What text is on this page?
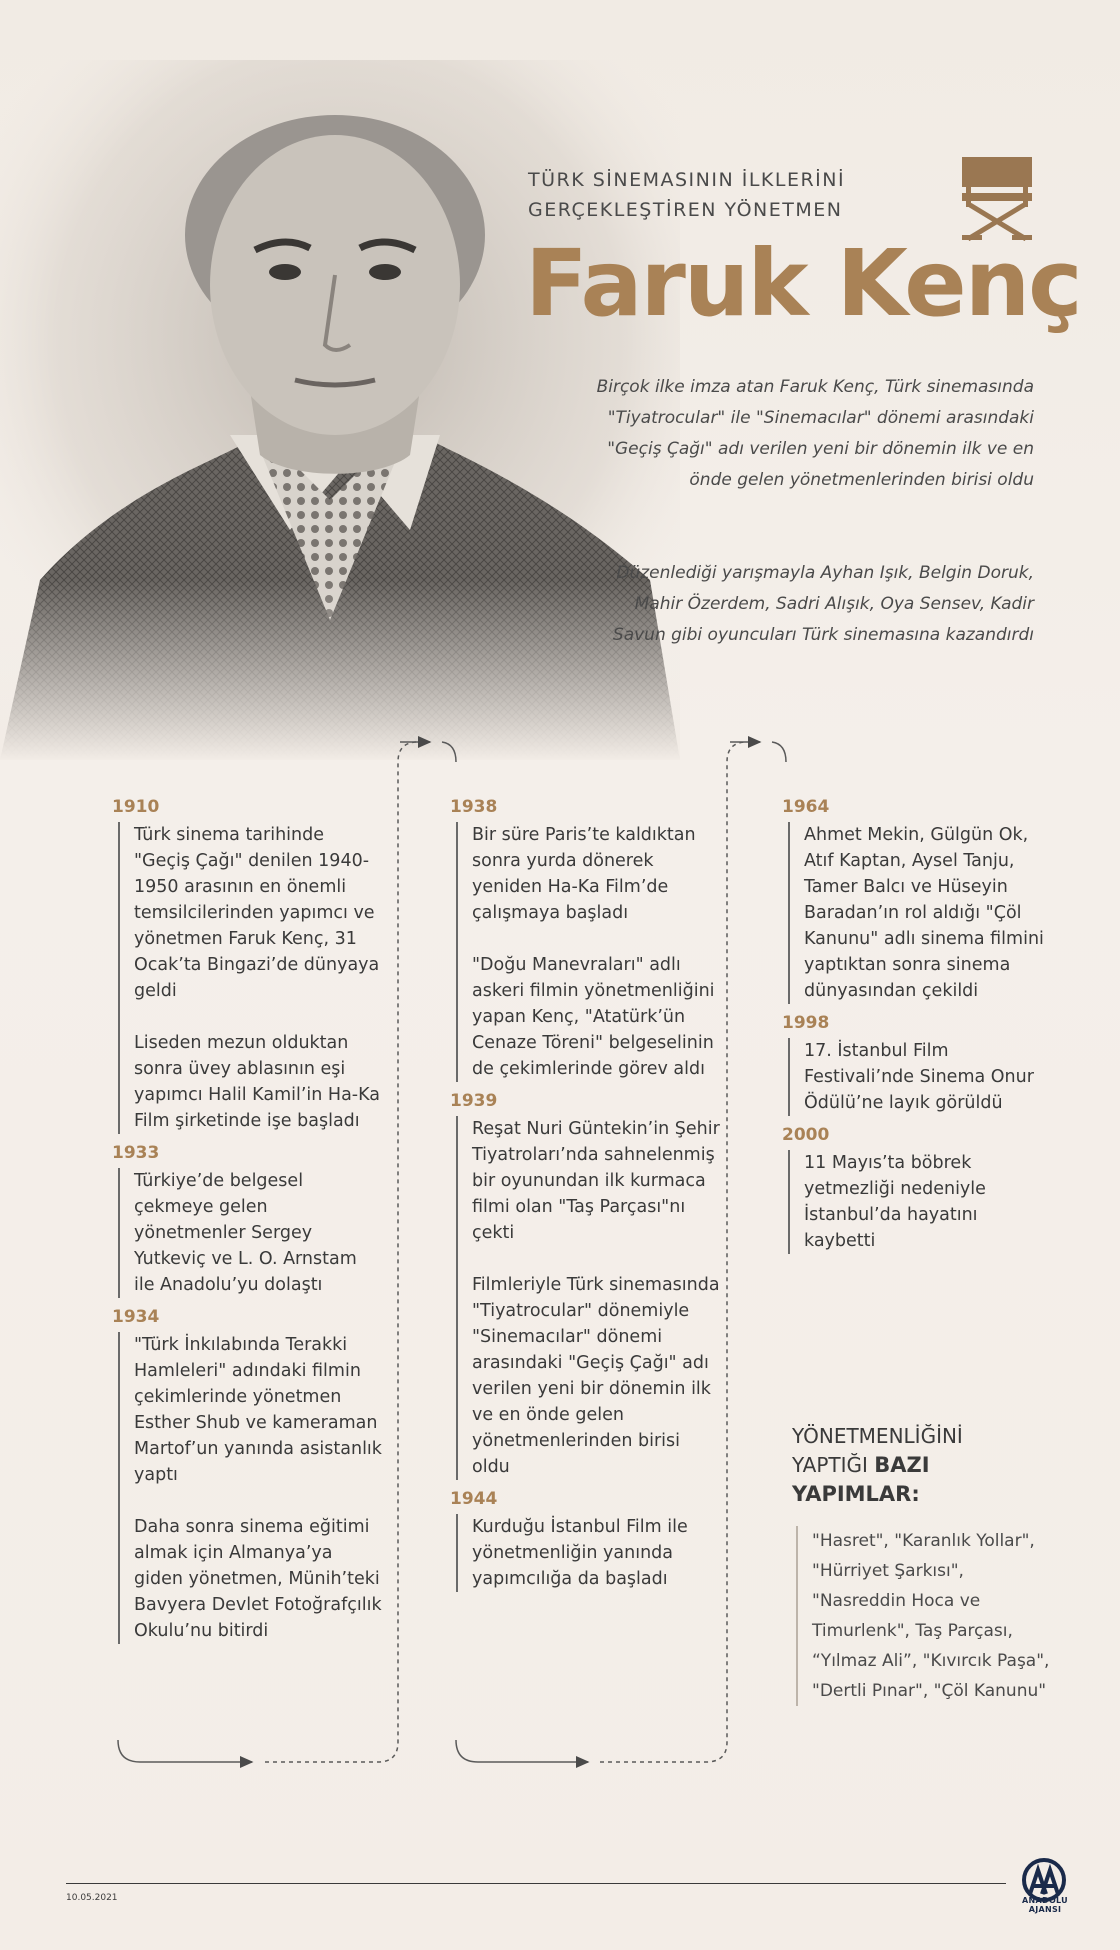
TÜRK SİNEMASININ İLKLERİNİ
GERÇEKLEŞTİREN YÖNETMEN
Faruk Kenç
Birçok ilke imza atan Faruk Kenç, Türk sinemasında "Tiyatrocular" ile "Sinemacılar" dönemi arasındaki "Geçiş Çağı" adı verilen yeni bir dönemin ilk ve en önde gelen yönetmenlerinden birisi oldu
Düzenlediği yarışmayla Ayhan Işık, Belgin Doruk, Mahir Özerdem, Sadri Alışık, Oya Sensev, Kadir Savun gibi oyuncuları Türk sinemasına kazandırdı
1910

Türk sinema tarihinde "Geçiş Çağı" denilen 1940-1950 arasının en önemli temsilcilerinden yapımcı ve yönetmen Faruk Kenç, 31 Ocak’ta Bingazi’de dünyaya geldi

Liseden mezun olduktan sonra üvey ablasının eşi yapımcı Halil Kamil’in Ha-Ka Film şirketinde işe başladı

1933

Türkiye’de belgesel çekmeye gelen yönetmenler Sergey Yutkeviç ve L. O. Arnstam ile Anadolu’yu dolaştı

1934

"Türk İnkılabında Terakki Hamleleri" adındaki filmin çekimlerinde yönetmen Esther Shub ve kameraman Martof’un yanında asistanlık yaptı

Daha sonra sinema eğitimi almak için Almanya’ya giden yönetmen, Münih’teki Bavyera Devlet Fotoğrafçılık Okulu’nu bitirdi

1938

Bir süre Paris’te kaldıktan sonra yurda dönerek yeniden Ha-Ka Film’de çalışmaya başladı

"Doğu Manevraları" adlı askeri filmin yönetmenliğini yapan Kenç, "Atatürk’ün Cenaze Töreni" belgeselinin de çekimlerinde görev aldı

1939

Reşat Nuri Güntekin’in Şehir Tiyatroları’nda sahnelenmiş bir oyunundan ilk kurmaca filmi olan "Taş Parçası"nı çekti

Filmleriyle Türk sinemasında "Tiyatrocular" dönemiyle "Sinemacılar" dönemi arasındaki "Geçiş Çağı" adı verilen yeni bir dönemin ilk ve en önde gelen yönetmenlerinden birisi oldu

1944

Kurduğu İstanbul Film ile yönetmenliğin yanında yapımcılığa da başladı

1964

Ahmet Mekin, Gülgün Ok, Atıf Kaptan, Aysel Tanju, Tamer Balcı ve Hüseyin Baradan’ın rol aldığı "Çöl Kanunu" adlı sinema filmini yaptıktan sonra sinema dünyasından çekildi

1998

17. İstanbul Film Festivali’nde Sinema Onur Ödülü’ne layık görüldü

2000

11 Mayıs’ta böbrek yetmezliği nedeniyle İstanbul’da hayatını kaybetti

YÖNETMENLİĞİNİ
YAPTIĞI BAZI
YAPIMLAR:
"Hasret", "Karanlık Yollar", "Hürriyet Şarkısı", "Nasreddin Hoca ve Timurlenk", Taş Parçası, “Yılmaz Ali”, "Kıvırcık Paşa", "Dertli Pınar", "Çöl Kanunu"
10.05.2021	ANADOLU AJANSI
